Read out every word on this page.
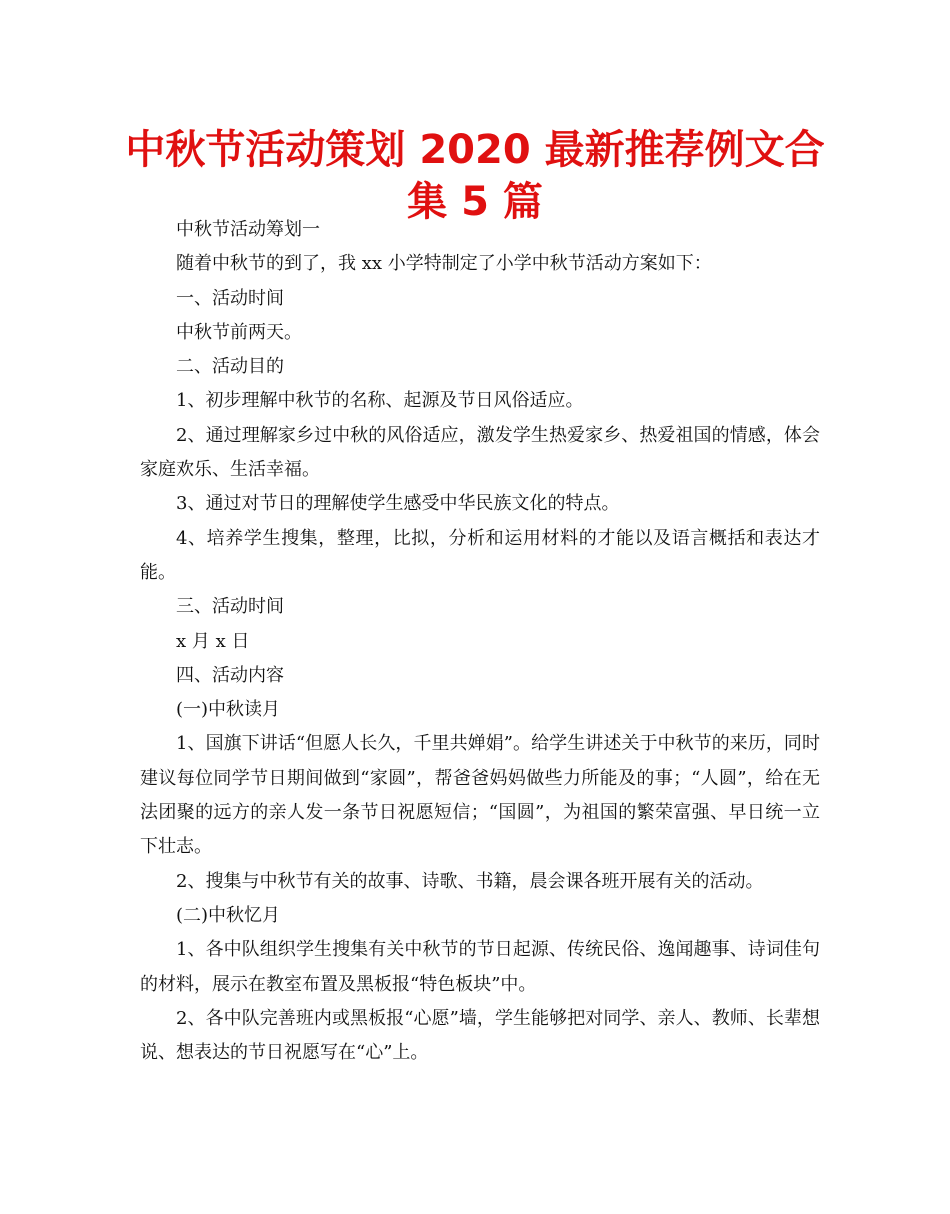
中秋节活动策划 2020 最新推荐例文合集 5 篇

中秋节活动筹划一

随着中秋节的到了，我 xx 小学特制定了小学中秋节活动方案如下：

一、活动时间

中秋节前两天。

二、活动目的

1、初步理解中秋节的名称、起源及节日风俗适应。

2、通过理解家乡过中秋的风俗适应，激发学生热爱家乡、热爱祖国的情感，体会家庭欢乐、生活幸福。

3、通过对节日的理解使学生感受中华民族文化的特点。

4、培养学生搜集，整理，比拟，分析和运用材料的才能以及语言概括和表达才能。

三、活动时间

x 月 x 日

四、活动内容

(一)中秋读月

1、国旗下讲话“但愿人长久，千里共婵娟”。给学生讲述关于中秋节的来历，同时建议每位同学节日期间做到“家圆”，帮爸爸妈妈做些力所能及的事；“人圆”，给在无法团聚的远方的亲人发一条节日祝愿短信；“国圆”，为祖国的繁荣富强、早日统一立下壮志。

2、搜集与中秋节有关的故事、诗歌、书籍，晨会课各班开展有关的活动。

(二)中秋忆月

1、各中队组织学生搜集有关中秋节的节日起源、传统民俗、逸闻趣事、诗词佳句的材料，展示在教室布置及黑板报“特色板块”中。

2、各中队完善班内或黑板报“心愿”墙，学生能够把对同学、亲人、教师、长辈想说、想表达的节日祝愿写在“心”上。
